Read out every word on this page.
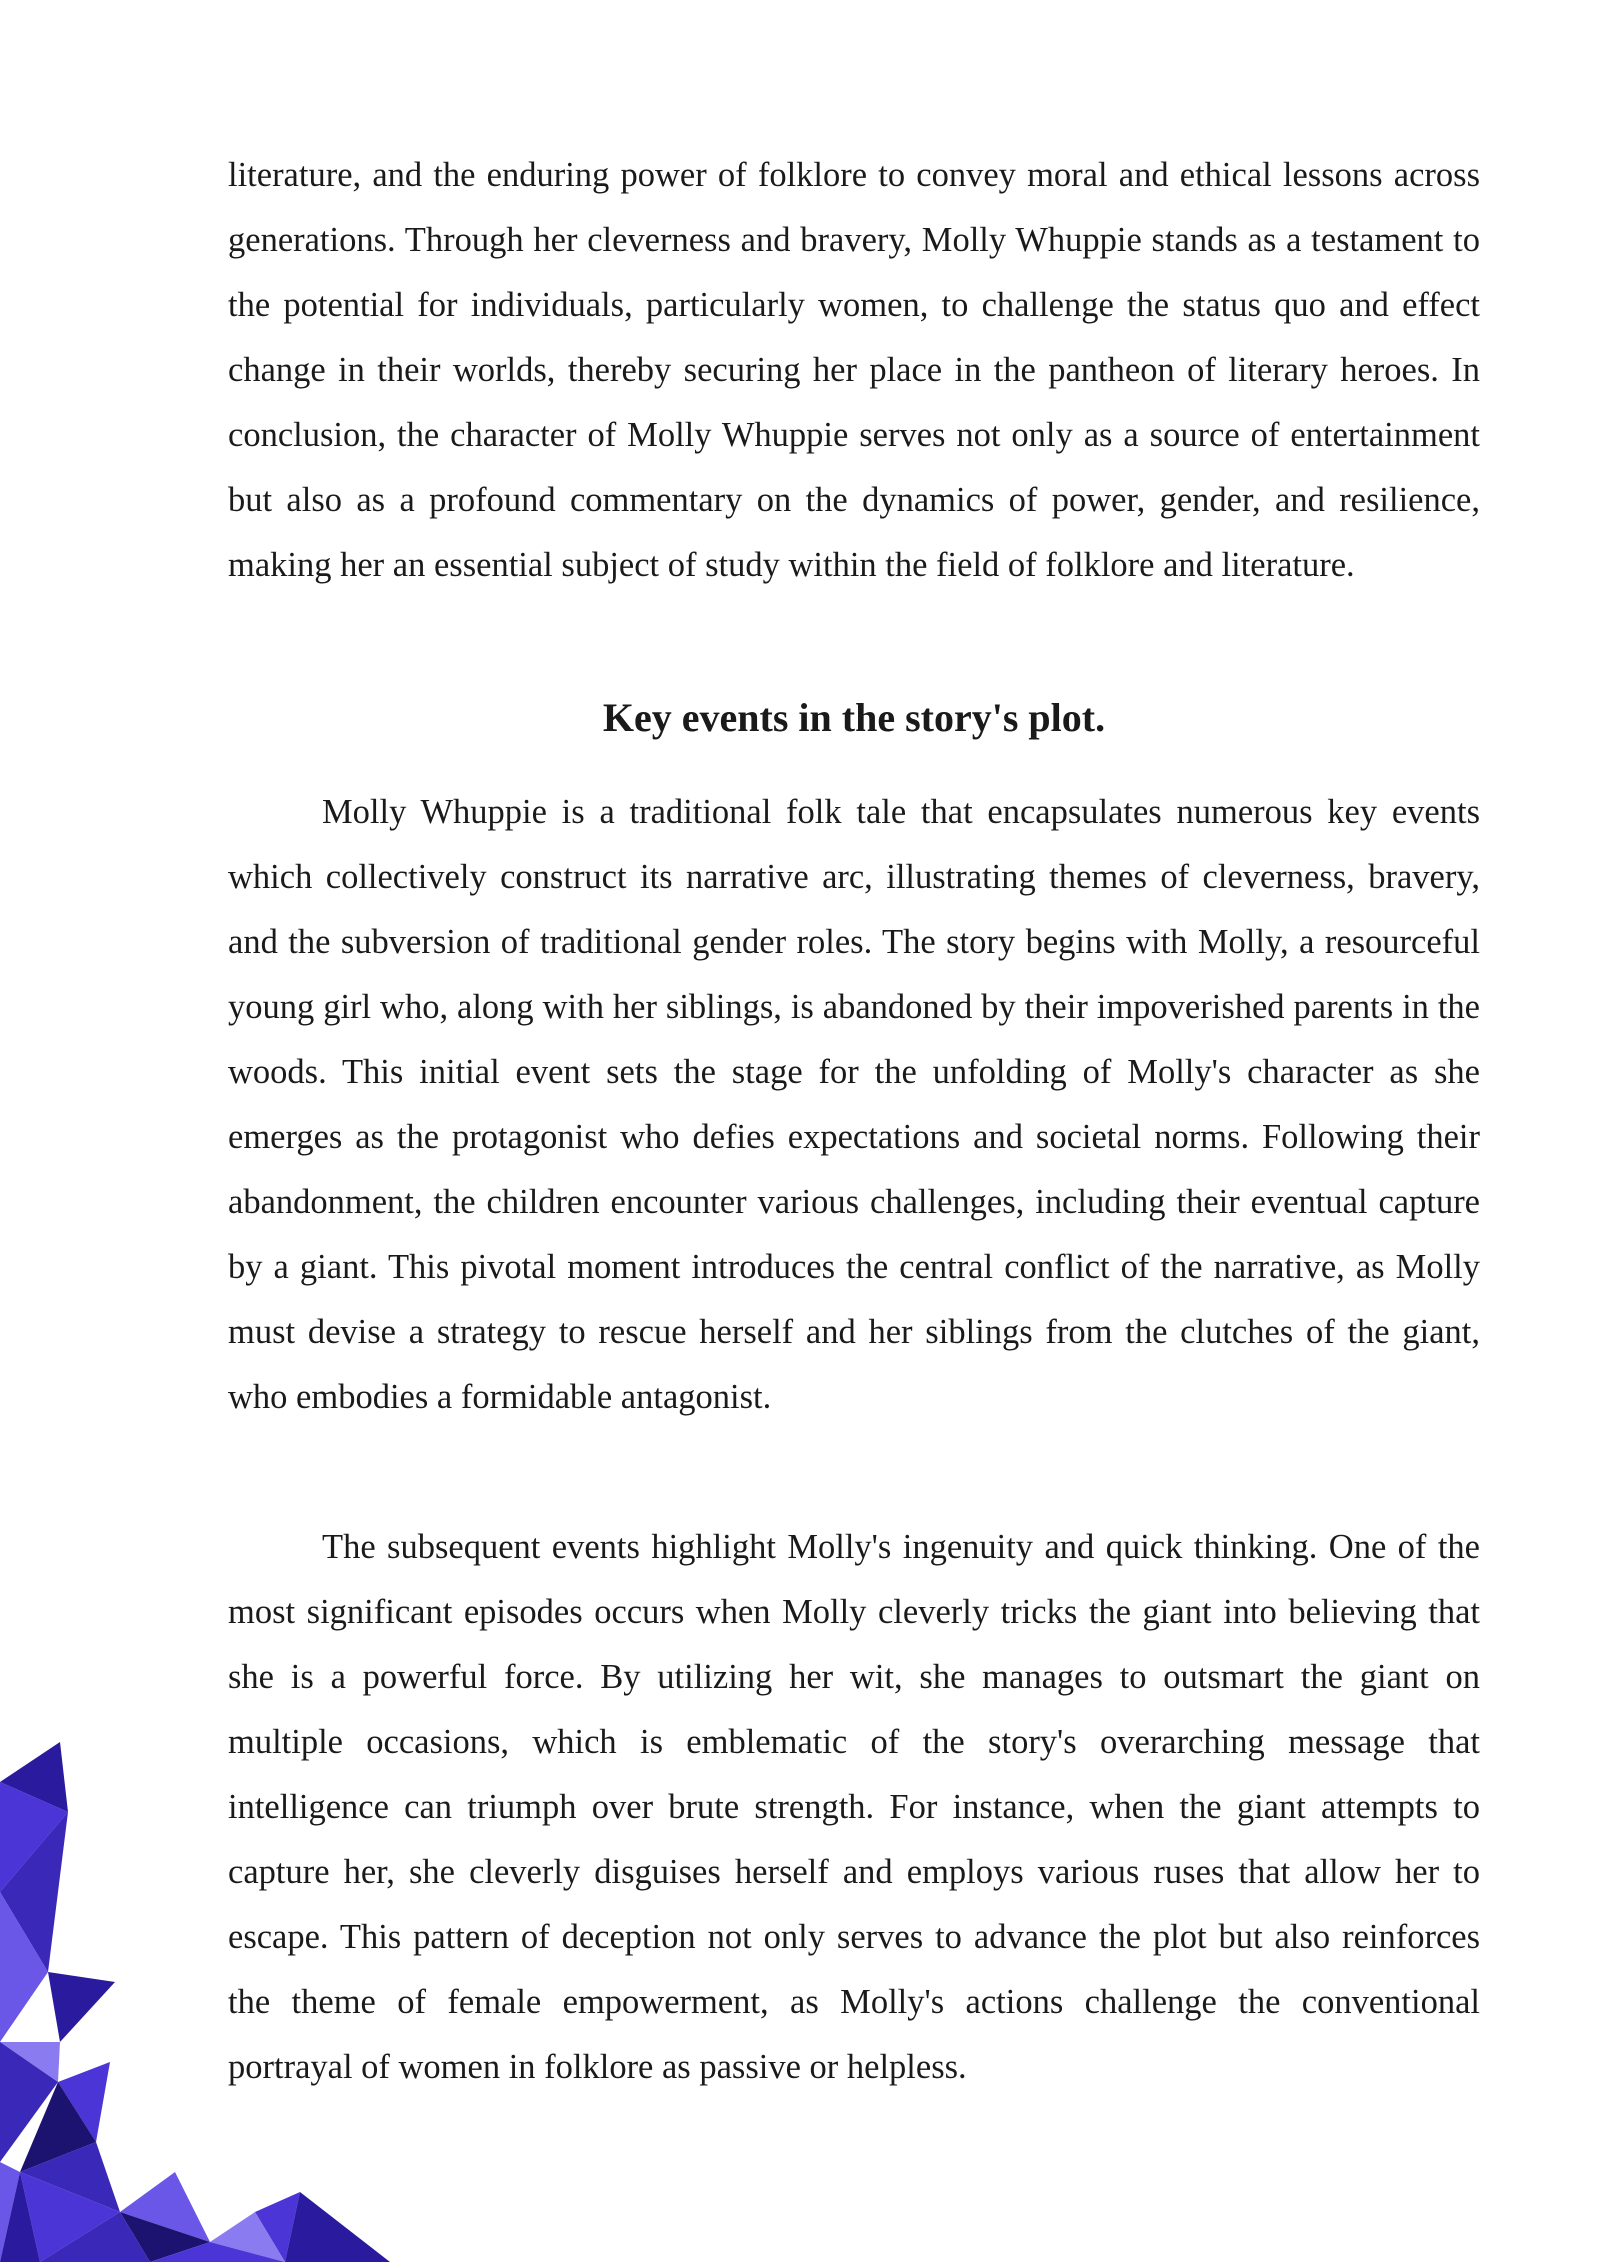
literature, and the enduring power of folklore to convey moral and ethical lessons across generations. Through her cleverness and bravery, Molly Whuppie stands as a testament to the potential for individuals, particularly women, to challenge the status quo and effect change in their worlds, thereby securing her place in the pantheon of literary heroes. In conclusion, the character of Molly Whuppie serves not only as a source of entertainment but also as a profound commentary on the dynamics of power, gender, and resilience, making her an essential subject of study within the field of folklore and literature.

Key events in the story's plot.

Molly Whuppie is a traditional folk tale that encapsulates numerous key events which collectively construct its narrative arc, illustrating themes of cleverness, bravery, and the subversion of traditional gender roles. The story begins with Molly, a resourceful young girl who, along with her siblings, is abandoned by their impoverished parents in the woods. This initial event sets the stage for the unfolding of Molly's character as she emerges as the protagonist who defies expectations and societal norms. Following their abandonment, the children encounter various challenges, including their eventual capture by a giant. This pivotal moment introduces the central conflict of the narrative, as Molly must devise a strategy to rescue herself and her siblings from the clutches of the giant, who embodies a formidable antagonist.

The subsequent events highlight Molly's ingenuity and quick thinking. One of the most significant episodes occurs when Molly cleverly tricks the giant into believing that she is a powerful force. By utilizing her wit, she manages to outsmart the giant on multiple occasions, which is emblematic of the story's overarching message that intelligence can triumph over brute strength. For instance, when the giant attempts to capture her, she cleverly disguises herself and employs various ruses that allow her to escape. This pattern of deception not only serves to advance the plot but also reinforces the theme of female empowerment, as Molly's actions challenge the conventional portrayal of women in folklore as passive or helpless.
